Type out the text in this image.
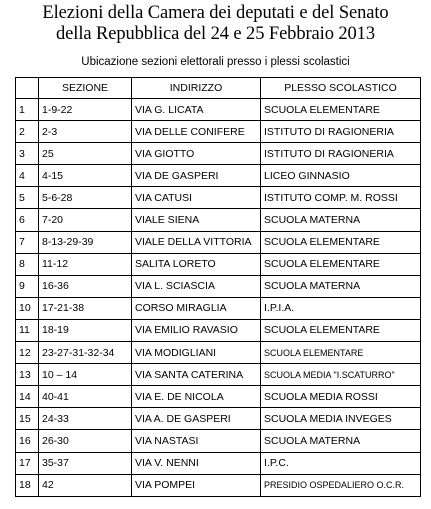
Elezioni della Camera dei deputati e del Senato
della Repubblica del 24 e 25 Febbraio 2013
Ubicazione sezioni elettorali presso i plessi scolastici
	SEZIONE	INDIRIZZO	PLESSO SCOLASTICO
1	1-9-22	VIA G. LICATA	SCUOLA ELEMENTARE
2	2-3	VIA DELLE CONIFERE	ISTITUTO DI RAGIONERIA
3	25	VIA GIOTTO	ISTITUTO DI RAGIONERIA
4	4-15	VIA DE GASPERI	LICEO GINNASIO
5	5-6-28	VIA CATUSI	ISTITUTO COMP. M. ROSSI
6	7-20	VIALE SIENA	SCUOLA MATERNA
7	8-13-29-39	VIALE DELLA VITTORIA	SCUOLA ELEMENTARE
8	11-12	SALITA LORETO	SCUOLA ELEMENTARE
9	16-36	VIA L. SCIASCIA	SCUOLA MATERNA
10	17-21-38	CORSO MIRAGLIA	I.P.I.A.
11	18-19	VIA EMILIO RAVASIO	SCUOLA ELEMENTARE
12	23-27-31-32-34	VIA MODIGLIANI	SCUOLA ELEMENTARE
13	10 – 14	VIA SANTA CATERINA	SCUOLA MEDIA "I.SCATURRO"
14	40-41	VIA E. DE NICOLA	SCUOLA MEDIA ROSSI
15	24-33	VIA A. DE GASPERI	SCUOLA MEDIA INVEGES
16	26-30	VIA NASTASI	SCUOLA MATERNA
17	35-37	VIA V. NENNI	I.P.C.
18	42	VIA POMPEI	PRESIDIO OSPEDALIERO O.C.R.
